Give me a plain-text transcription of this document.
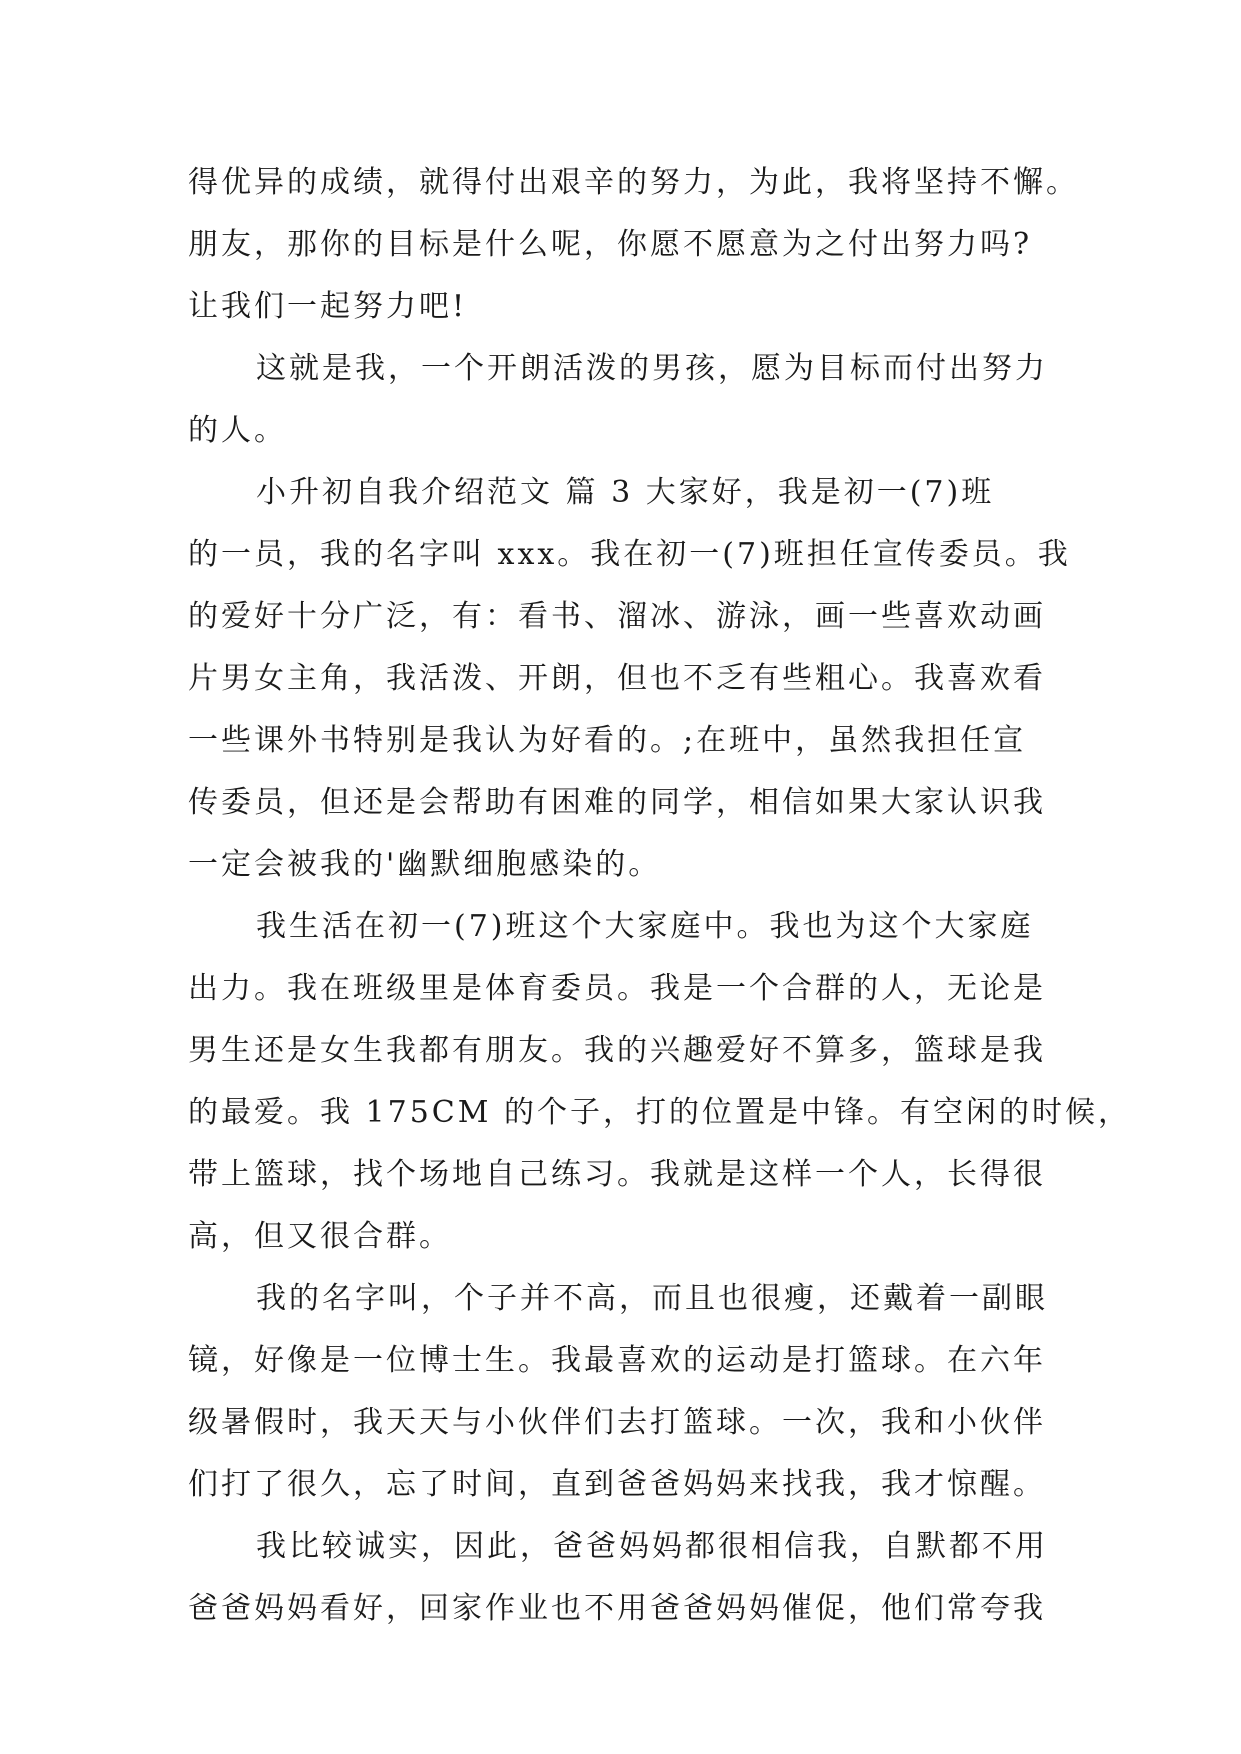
得优异的成绩，就得付出艰辛的努力，为此，我将坚持不懈。
朋友，那你的目标是什么呢，你愿不愿意为之付出努力吗?
让我们一起努力吧!
这就是我，一个开朗活泼的男孩，愿为目标而付出努力
的人。
小升初自我介绍范文 篇 3 大家好，我是初一(7)班
的一员，我的名字叫 xxx。我在初一(7)班担任宣传委员。我
的爱好十分广泛，有：看书、溜冰、游泳，画一些喜欢动画
片男女主角，我活泼、开朗，但也不乏有些粗心。我喜欢看
一些课外书特别是我认为好看的。;在班中，虽然我担任宣
传委员，但还是会帮助有困难的同学，相信如果大家认识我
一定会被我的'幽默细胞感染的。
我生活在初一(7)班这个大家庭中。我也为这个大家庭
出力。我在班级里是体育委员。我是一个合群的人，无论是
男生还是女生我都有朋友。我的兴趣爱好不算多，篮球是我
的最爱。我 175CM 的个子，打的位置是中锋。有空闲的时候，
带上篮球，找个场地自己练习。我就是这样一个人，长得很
高，但又很合群。
我的名字叫，个子并不高，而且也很瘦，还戴着一副眼
镜，好像是一位博士生。我最喜欢的运动是打篮球。在六年
级暑假时，我天天与小伙伴们去打篮球。一次，我和小伙伴
们打了很久，忘了时间，直到爸爸妈妈来找我，我才惊醒。
我比较诚实，因此，爸爸妈妈都很相信我，自默都不用
爸爸妈妈看好，回家作业也不用爸爸妈妈催促，他们常夸我
